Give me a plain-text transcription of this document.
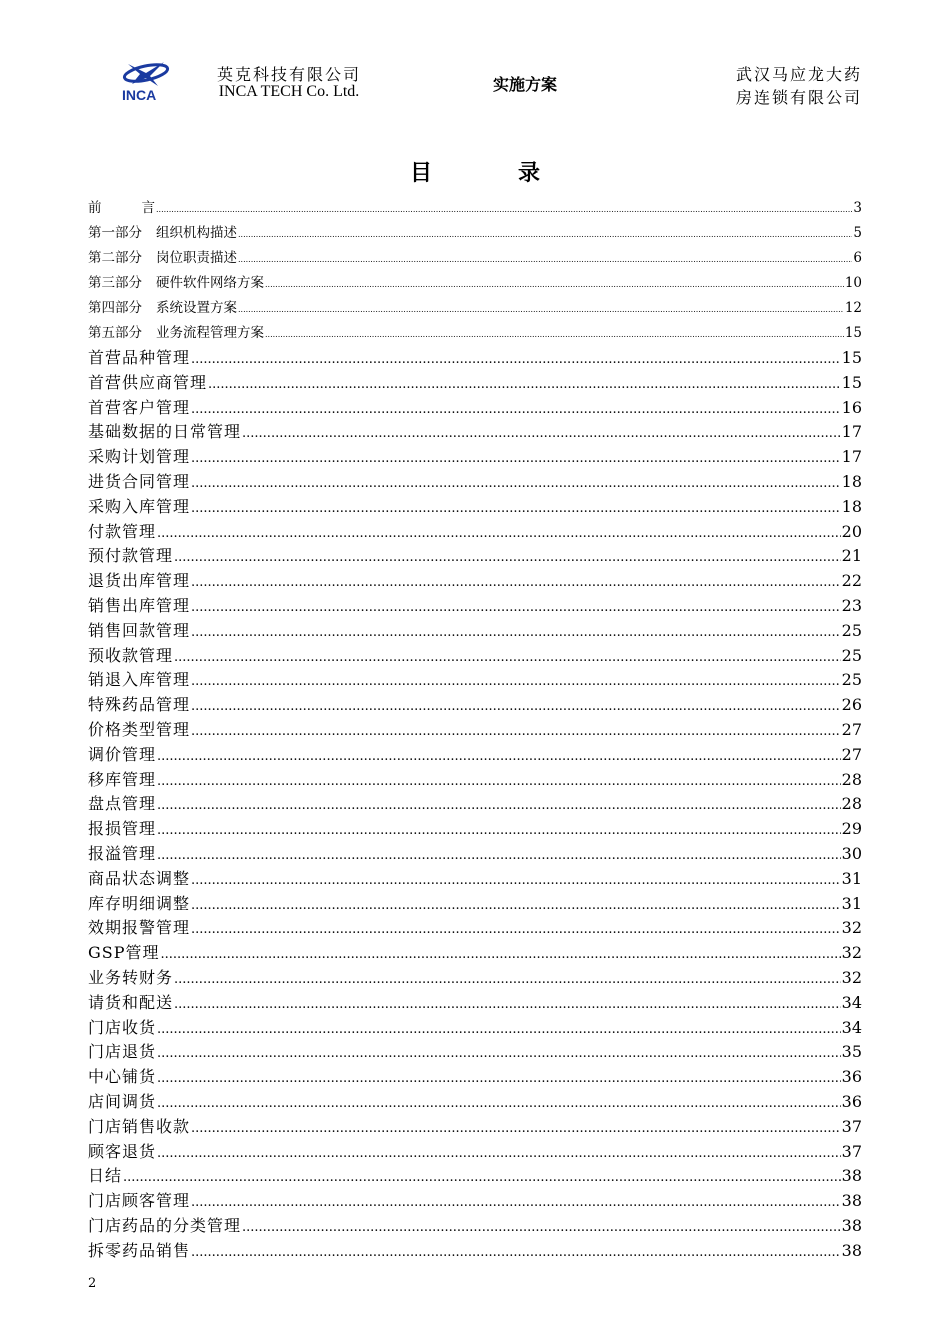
INCA
英克科技有限公司
INCA TECH Co. Ltd.	实施方案
武汉马应龙大药
房连锁有限公司
目	录
前	言 .....	3
第一部分 组织机构描述 .....	5
第二部分 岗位职责描述 .....	6
第三部分 硬件软件网络方案 .....	10
第四部分 系统设置方案 .....	12
第五部分 业务流程管理方案 .....	15
首营品种管理 .....	15
首营供应商管理 .....	15
首营客户管理 .....	16
基础数据的日常管理 .....	17
采购计划管理 .....	17
进货合同管理 .....	18
采购入库管理 .....	18
付款管理 .....	20
预付款管理 .....	21
退货出库管理 .....	22
销售出库管理 .....	23
销售回款管理 .....	25
预收款管理 .....	25
销退入库管理 .....	25
特殊药品管理 .....	26
价格类型管理 .....	27
调价管理 .....	27
移库管理 .....	28
盘点管理 .....	28
报损管理 .....	29
报溢管理 .....	30
商品状态调整 .....	31
库存明细调整 .....	31
效期报警管理 .....	32
GSP管理 .....	32
业务转财务 .....	32
请货和配送 .....	34
门店收货 .....	34
门店退货 .....	35
中心铺货 .....	36
店间调货 .....	36
门店销售收款 .....	37
顾客退货 .....	37
日结 .....	38
门店顾客管理 .....	38
门店药品的分类管理 .....	38
拆零药品销售 .....	38
2
